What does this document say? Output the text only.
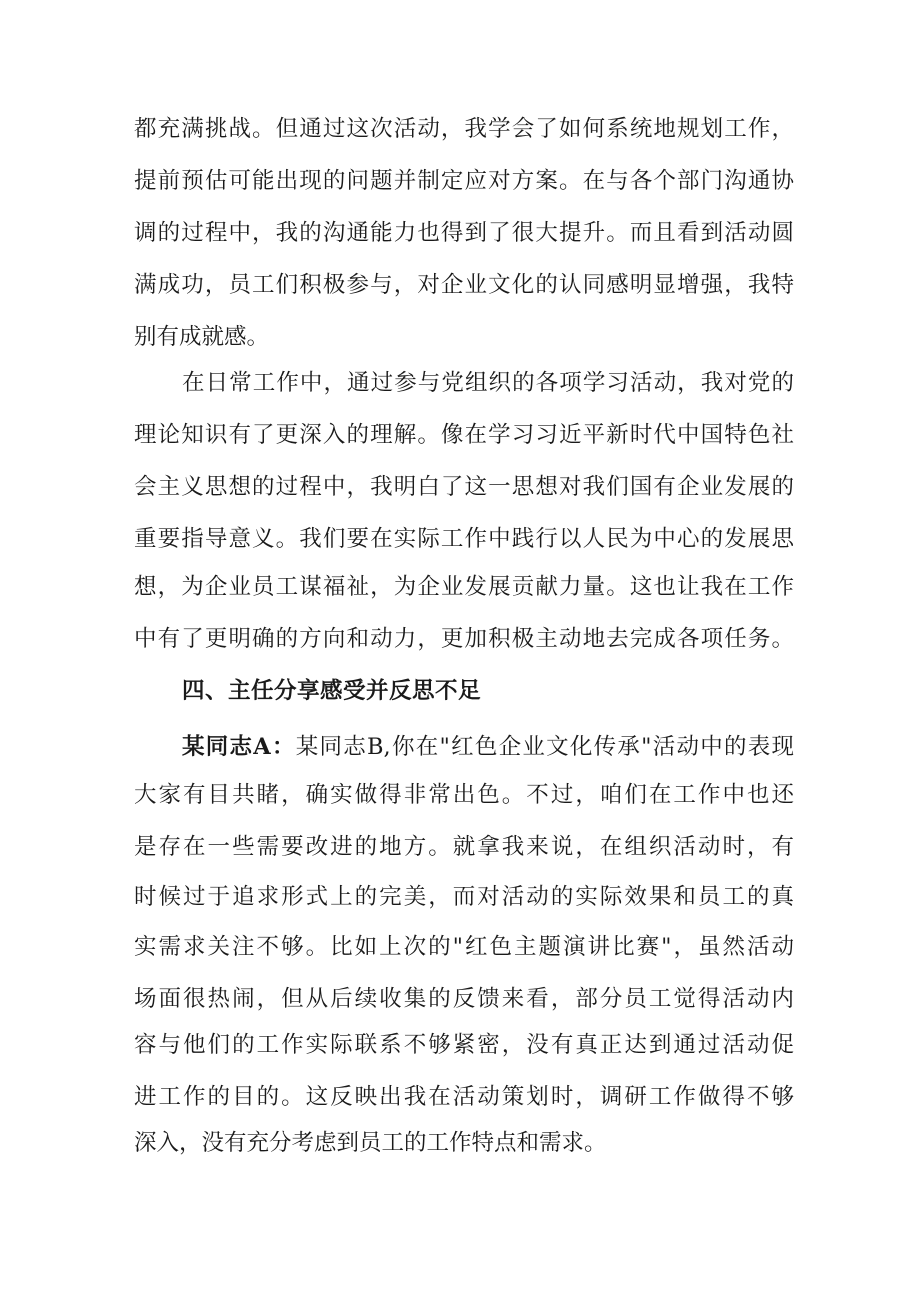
都充满挑战。但通过这次活动，我学会了如何系统地规划工作，

提前预估可能出现的问题并制定应对方案。在与各个部门沟通协

调的过程中，我的沟通能力也得到了很大提升。而且看到活动圆

满成功，员工们积极参与，对企业文化的认同感明显增强，我特

别有成就感。

在日常工作中，通过参与党组织的各项学习活动，我对党的

理论知识有了更深入的理解。像在学习习近平新时代中国特色社

会主义思想的过程中，我明白了这一思想对我们国有企业发展的

重要指导意义。我们要在实际工作中践行以人民为中心的发展思

想，为企业员工谋福祉，为企业发展贡献力量。这也让我在工作

中有了更明确的方向和动力，更加积极主动地去完成各项任务。

四、主任分享感受并反思不足

某同志A：某同志B,你在"红色企业文化传承"活动中的表现

大家有目共睹，确实做得非常出色。不过，咱们在工作中也还

是存在一些需要改进的地方。就拿我来说，在组织活动时，有

时候过于追求形式上的完美，而对活动的实际效果和员工的真

实需求关注不够。比如上次的"红色主题演讲比赛"，虽然活动

场面很热闹，但从后续收集的反馈来看，部分员工觉得活动内

容与他们的工作实际联系不够紧密，没有真正达到通过活动促

进工作的目的。这反映出我在活动策划时，调研工作做得不够

深入，没有充分考虑到员工的工作特点和需求。
